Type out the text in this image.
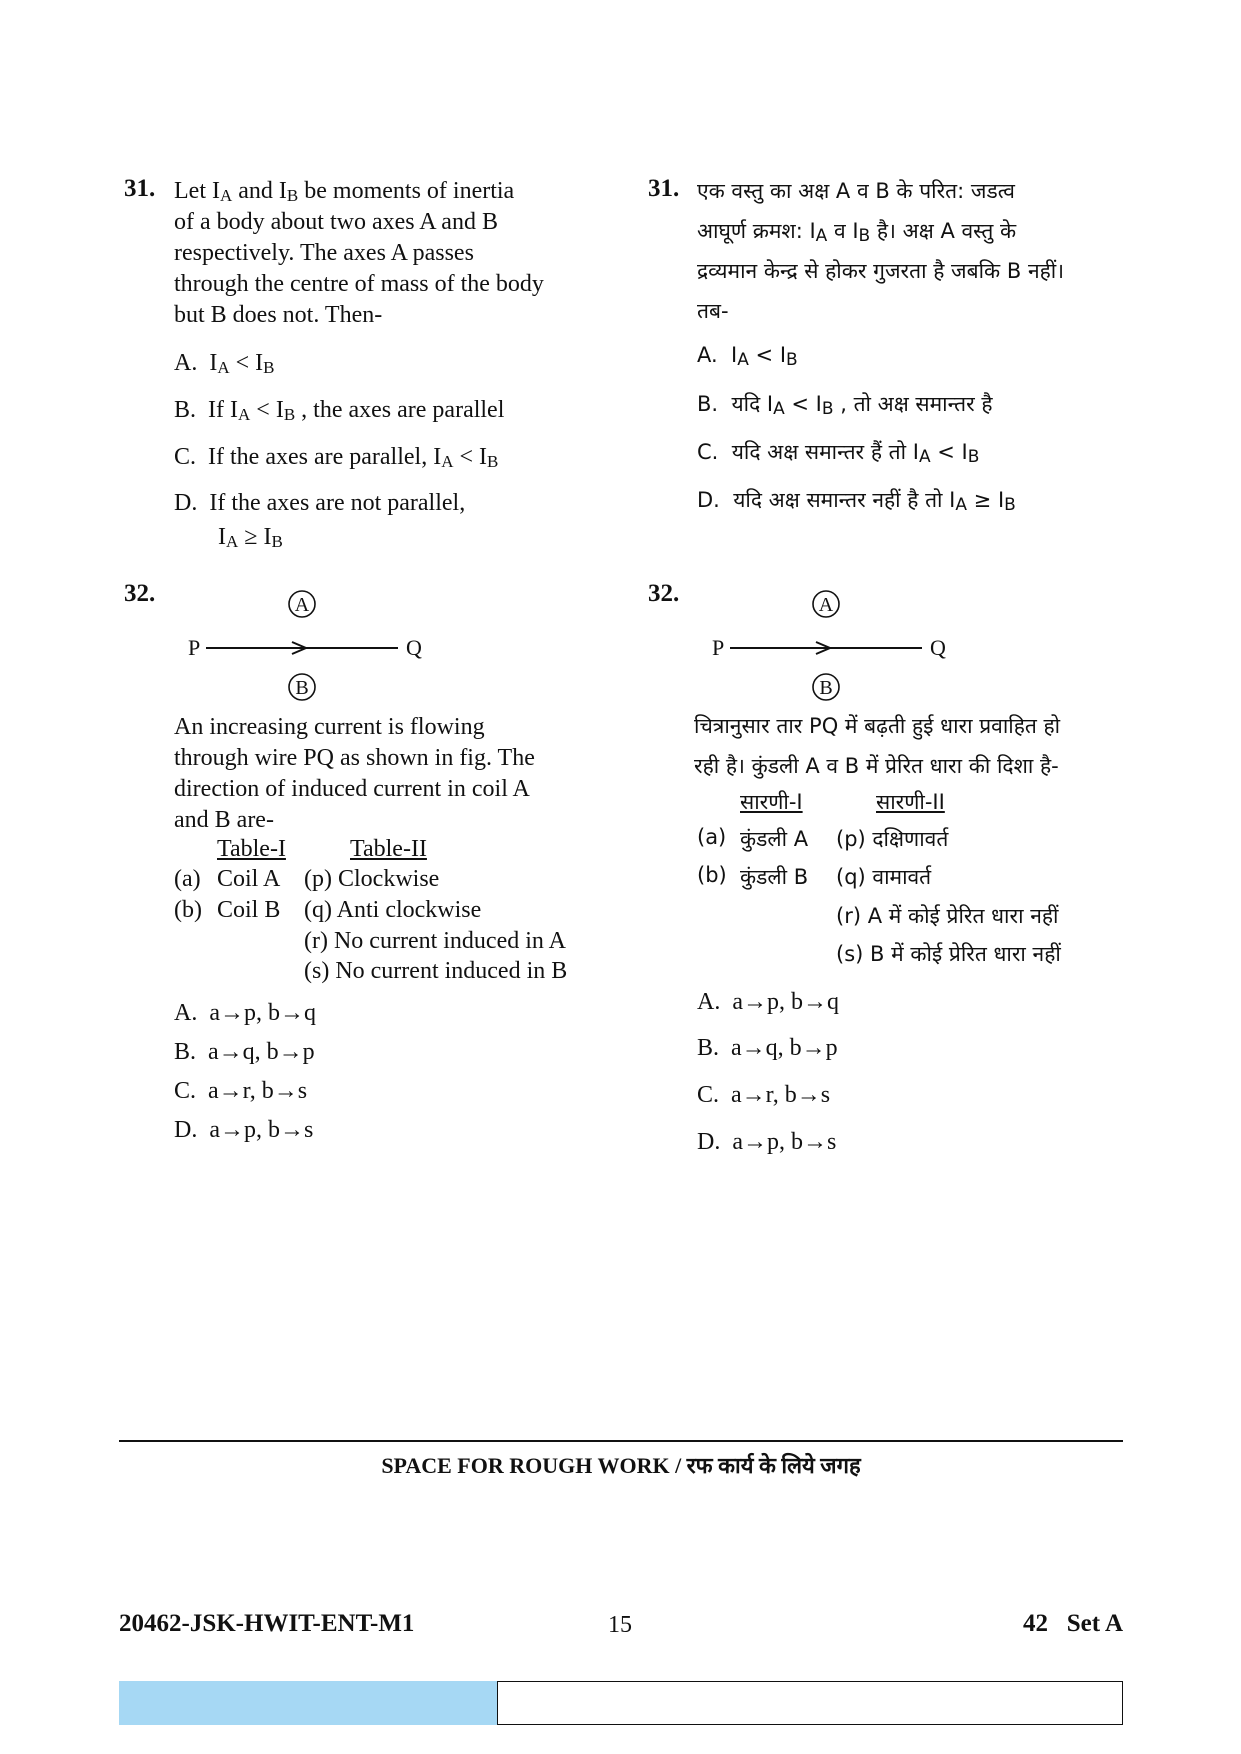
31. Let $I_A$ and $I_B$ be moments of inertia
of a body about two axes A and B
respectively. The axes A passes
through the centre of mass of the body
but B does not. Then-
A. $I_A < I_B$
B. If $I_A < I_B$ , the axes are parallel
C. If the axes are parallel, $I_A < I_B$
D. If the axes are not parallel,
$I_A \ge I_B$
31. एक वस्तु का अक्ष A व B के परित: जडत्व
आघूर्ण क्रमश: $I_A$ व $I_B$ है। अक्ष A वस्तु के
द्रव्यमान केन्द्र से होकर गुजरता है जबकि B नहीं।
तब-
A. $I_A < I_B$
B. यदि $I_A < I_B$ , तो अक्ष समान्तर है
C. यदि अक्ष समान्तर हैं तो $I_A < I_B$
D. यदि अक्ष समान्तर नहीं है तो $I_A \ge I_B$
32.	A
P	Q
B
An increasing current is flowing
through wire PQ as shown in fig. The
direction of induced current in coil A
and B are-
Table-I	Table-II
(a) Coil A (p) Clockwise
(b) Coil B (q) Anti clockwise
(r) No current induced in A
(s) No current induced in B
A. a→p, b→q
B. a→q, b→p
C. a→r, b→s
D. a→p, b→s
32.	A
P	Q
B
चित्रानुसार तार PQ में बढ़ती हुई धारा प्रवाहित हो
रही है। कुंडली A व B में प्रेरित धारा की दिशा है-
सारणी-I	सारणी-II
(a) कुंडली A (p) दक्षिणावर्त
(b) कुंडली B (q) वामावर्त
(r) A में कोई प्रेरित धारा नहीं
(s) B में कोई प्रेरित धारा नहीं
A. a→p, b→q
B. a→q, b→p
C. a→r, b→s
D. a→p, b→s
SPACE FOR ROUGH WORK / रफ कार्य के लिये जगह
20462-JSK-HWIT-ENT-M1	15	42   Set A
